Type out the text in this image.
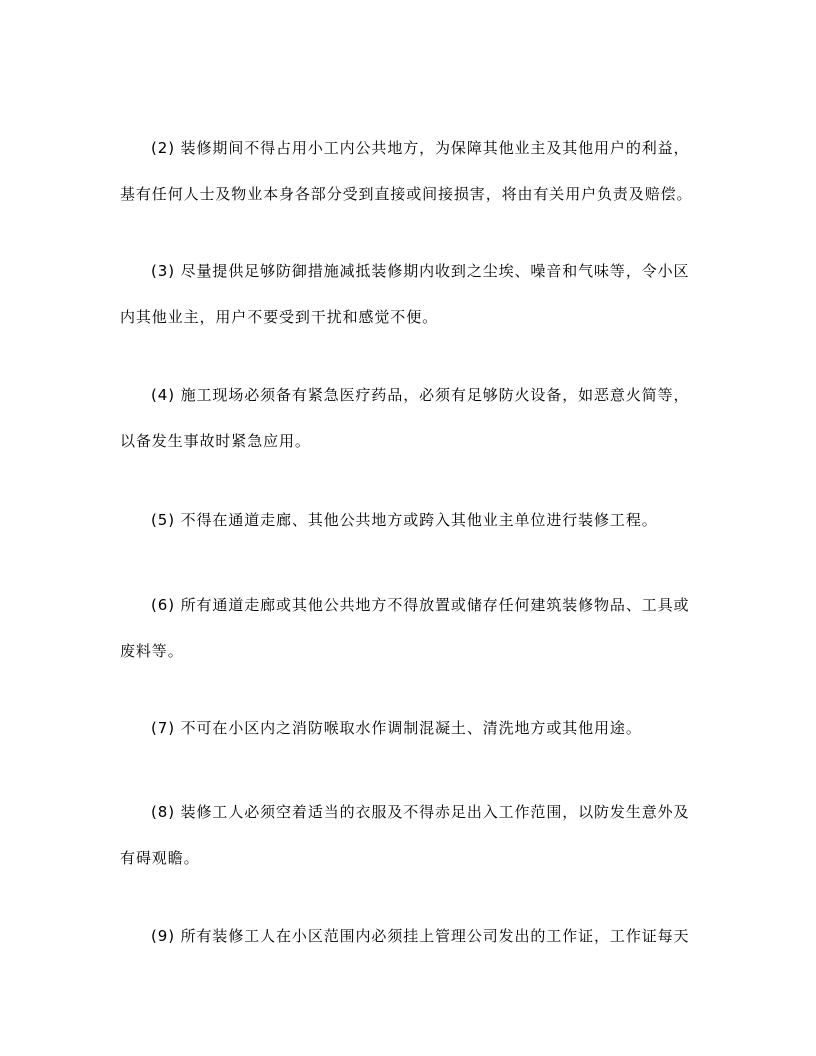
(2) 装修期间不得占用小工内公共地方，为保障其他业主及其他用户的利益，
基有任何人士及物业本身各部分受到直接或间接损害，将由有关用户负责及赔偿。

(3) 尽量提供足够防御措施减抵装修期内收到之尘埃、噪音和气味等，令小区
内其他业主，用户不要受到干扰和感觉不便。

(4) 施工现场必须备有紧急医疗药品，必须有足够防火设备，如恶意火简等，
以备发生事故时紧急应用。

(5) 不得在通道走廊、其他公共地方或跨入其他业主单位进行装修工程。

(6) 所有通道走廊或其他公共地方不得放置或储存任何建筑装修物品、工具或
废料等。

(7) 不可在小区内之消防喉取水作调制混凝土、清洗地方或其他用途。

(8) 装修工人必须空着适当的衣服及不得赤足出入工作范围，以防发生意外及
有碍观瞻。

(9) 所有装修工人在小区范围内必须挂上管理公司发出的工作证，工作证每天
